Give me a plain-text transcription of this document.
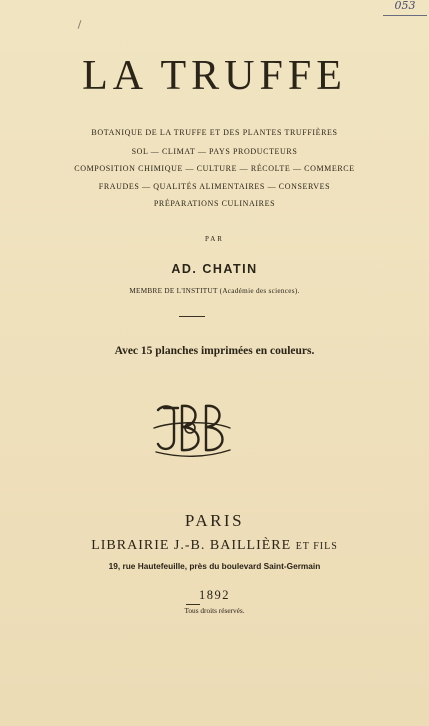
053
LA TRUFFE
BOTANIQUE DE LA TRUFFE ET DES PLANTES TRUFFIÈRES
SOL — CLIMAT — PAYS PRODUCTEURS
COMPOSITION CHIMIQUE — CULTURE — RÉCOLTE — COMMERCE
FRAUDES — QUALITÉS ALIMENTAIRES — CONSERVES
PRÉPARATIONS CULINAIRES
PAR
AD. CHATIN
MEMBRE DE L'INSTITUT (Académie des sciences).
Avec 15 planches imprimées en couleurs.
PARIS
LIBRAIRIE J.-B. BAILLIÈRE ET FILS
19, rue Hautefeuille, près du boulevard Saint-Germain
1892
Tous droits réservés.
